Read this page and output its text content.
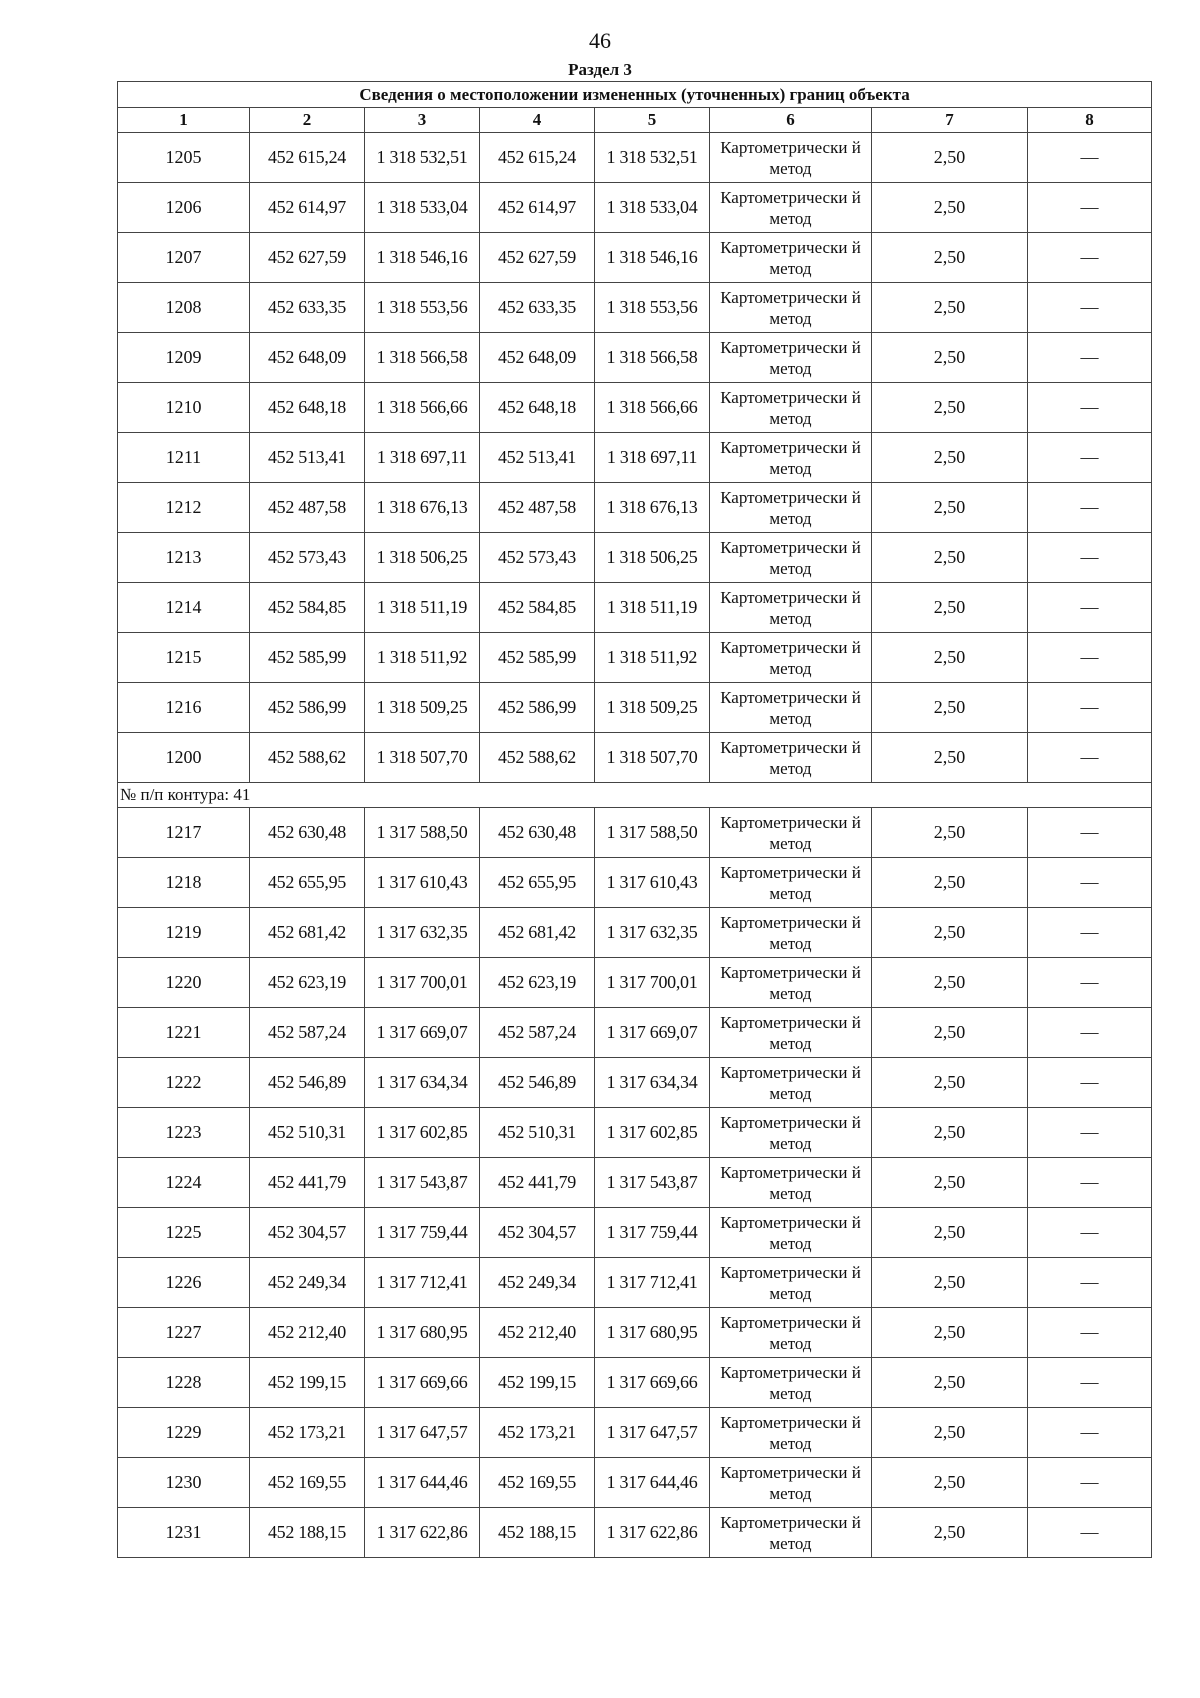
46
Раздел 3
Сведения о местоположении измененных (уточненных) границ объекта							
1	2	3	4	5	6	7	8
1205	452 615,24	1 318 532,51	452 615,24	1 318 532,51	Картометрически й метод	2,50	—
1206	452 614,97	1 318 533,04	452 614,97	1 318 533,04	Картометрически й метод	2,50	—
1207	452 627,59	1 318 546,16	452 627,59	1 318 546,16	Картометрически й метод	2,50	—
1208	452 633,35	1 318 553,56	452 633,35	1 318 553,56	Картометрически й метод	2,50	—
1209	452 648,09	1 318 566,58	452 648,09	1 318 566,58	Картометрически й метод	2,50	—
1210	452 648,18	1 318 566,66	452 648,18	1 318 566,66	Картометрически й метод	2,50	—
1211	452 513,41	1 318 697,11	452 513,41	1 318 697,11	Картометрически й метод	2,50	—
1212	452 487,58	1 318 676,13	452 487,58	1 318 676,13	Картометрически й метод	2,50	—
1213	452 573,43	1 318 506,25	452 573,43	1 318 506,25	Картометрически й метод	2,50	—
1214	452 584,85	1 318 511,19	452 584,85	1 318 511,19	Картометрически й метод	2,50	—
1215	452 585,99	1 318 511,92	452 585,99	1 318 511,92	Картометрически й метод	2,50	—
1216	452 586,99	1 318 509,25	452 586,99	1 318 509,25	Картометрически й метод	2,50	—
1200	452 588,62	1 318 507,70	452 588,62	1 318 507,70	Картометрически й метод	2,50	—
№ п/п контура: 41							
1217	452 630,48	1 317 588,50	452 630,48	1 317 588,50	Картометрически й метод	2,50	—
1218	452 655,95	1 317 610,43	452 655,95	1 317 610,43	Картометрически й метод	2,50	—
1219	452 681,42	1 317 632,35	452 681,42	1 317 632,35	Картометрически й метод	2,50	—
1220	452 623,19	1 317 700,01	452 623,19	1 317 700,01	Картометрически й метод	2,50	—
1221	452 587,24	1 317 669,07	452 587,24	1 317 669,07	Картометрически й метод	2,50	—
1222	452 546,89	1 317 634,34	452 546,89	1 317 634,34	Картометрически й метод	2,50	—
1223	452 510,31	1 317 602,85	452 510,31	1 317 602,85	Картометрически й метод	2,50	—
1224	452 441,79	1 317 543,87	452 441,79	1 317 543,87	Картометрически й метод	2,50	—
1225	452 304,57	1 317 759,44	452 304,57	1 317 759,44	Картометрически й метод	2,50	—
1226	452 249,34	1 317 712,41	452 249,34	1 317 712,41	Картометрически й метод	2,50	—
1227	452 212,40	1 317 680,95	452 212,40	1 317 680,95	Картометрически й метод	2,50	—
1228	452 199,15	1 317 669,66	452 199,15	1 317 669,66	Картометрически й метод	2,50	—
1229	452 173,21	1 317 647,57	452 173,21	1 317 647,57	Картометрически й метод	2,50	—
1230	452 169,55	1 317 644,46	452 169,55	1 317 644,46	Картометрически й метод	2,50	—
1231	452 188,15	1 317 622,86	452 188,15	1 317 622,86	Картометрически й метод	2,50	—
